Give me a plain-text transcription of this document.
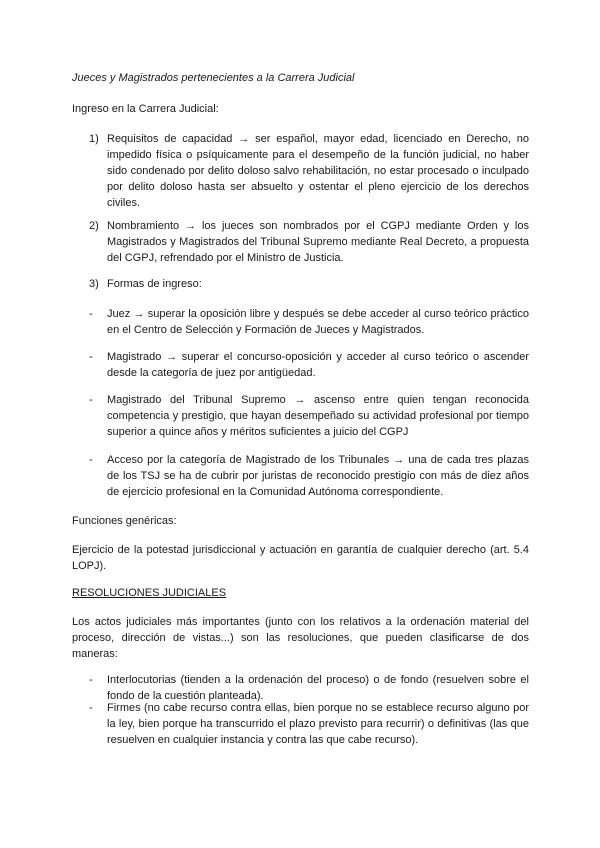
Jueces y Magistrados pertenecientes a la Carrera Judicial
Ingreso en la Carrera Judicial:
1) Requisitos de capacidad → ser español, mayor edad, licenciado en Derecho, no impedido física o psíquicamente para el desempeño de la función judicial, no haber sido condenado por delito doloso salvo rehabilitación, no estar procesado o inculpado por delito doloso hasta ser absuelto y ostentar el pleno ejercicio de los derechos civiles.
2) Nombramiento → los jueces son nombrados por el CGPJ mediante Orden y los Magistrados y Magistrados del Tribunal Supremo mediante Real Decreto, a propuesta del CGPJ, refrendado por el Ministro de Justicia.
3) Formas de ingreso:
-	Juez → superar la oposición libre y después se debe acceder al curso teórico práctico en el Centro de Selección y Formación de Jueces y Magistrados.
-	Magistrado → superar el concurso-oposición y acceder al curso teórico o ascender desde la categoría de juez por antigüedad.
-	Magistrado del Tribunal Supremo → ascenso entre quien tengan reconocida competencia y prestigio, que hayan desempeñado su actividad profesional por tiempo superior a quince años y méritos suficientes a juicio del CGPJ
-	Acceso por la categoría de Magistrado de los Tribunales → una de cada tres plazas de los TSJ se ha de cubrir por juristas de reconocido prestigio con más de diez años de ejercicio profesional en la Comunidad Autónoma correspondiente.
Funciones genéricas:
Ejercicio de la potestad jurisdiccional y actuación en garantía de cualquier derecho (art. 5.4 LOPJ).
RESOLUCIONES JUDICIALES
Los actos judiciales más importantes (junto con los relativos a la ordenación material del proceso, dirección de vistas...) son las resoluciones, que pueden clasificarse de dos maneras:
-	Interlocutorias (tienden a la ordenación del proceso) o de fondo (resuelven sobre el fondo de la cuestión planteada).
-	Firmes (no cabe recurso contra ellas, bien porque no se establece recurso alguno por la ley, bien porque ha transcurrido el plazo previsto para recurrir) o definitivas (las que resuelven en cualquier instancia y contra las que cabe recurso).
